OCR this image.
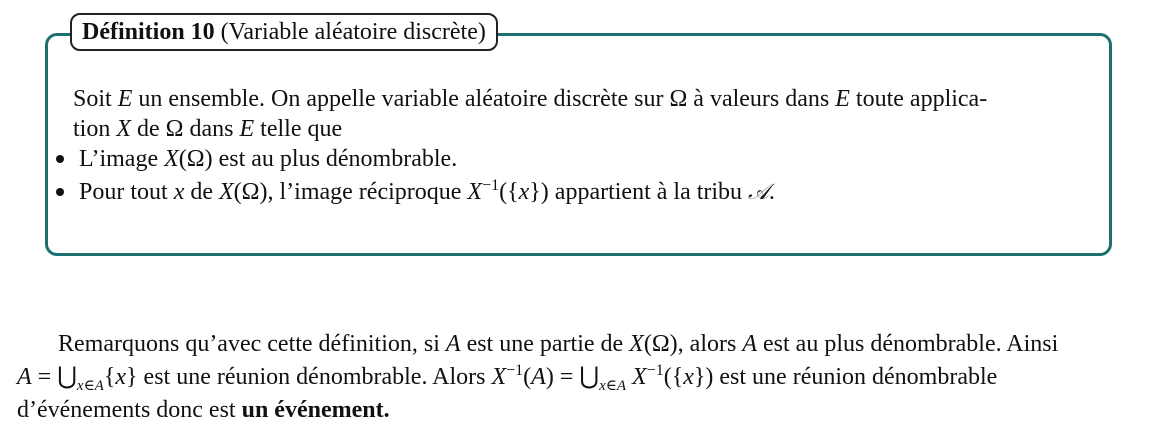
Définition 10 (Variable aléatoire discrète)
Soit E un ensemble. On appelle variable aléatoire discrète sur Ω à valeurs dans E toute applica-
tion X de Ω dans E telle que
L’image X(Ω) est au plus dénombrable.
Pour tout x de X(Ω), l’image réciproque $X^{-1}(\{x\})$ appartient à la tribu 𝒜.
Remarquons qu’avec cette définition, si A est une partie de X(Ω), alors A est au plus dénombrable. Ainsi
$A = ⋃_{x\in A}\{x\}$ est une réunion dénombrable. Alors $X^{-1}(A)$ = $⋃_{x\in A}$ $X^{-1}(\{x\})$ est une réunion dénombrable
d’événements donc est un événement.
